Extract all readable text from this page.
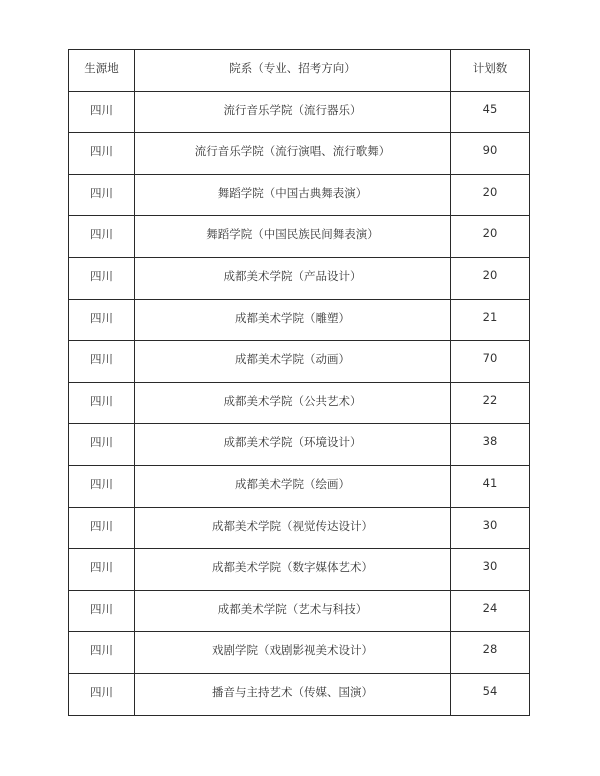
生源地	院系（专业、招考方向）	计划数
四川	流行音乐学院（流行器乐）	45
四川	流行音乐学院（流行演唱、流行歌舞）	90
四川	舞蹈学院（中国古典舞表演）	20
四川	舞蹈学院（中国民族民间舞表演）	20
四川	成都美术学院（产品设计）	20
四川	成都美术学院（雕塑）	21
四川	成都美术学院（动画）	70
四川	成都美术学院（公共艺术）	22
四川	成都美术学院（环境设计）	38
四川	成都美术学院（绘画）	41
四川	成都美术学院（视觉传达设计）	30
四川	成都美术学院（数字媒体艺术）	30
四川	成都美术学院（艺术与科技）	24
四川	戏剧学院（戏剧影视美术设计）	28
四川	播音与主持艺术（传媒、国演）	54
